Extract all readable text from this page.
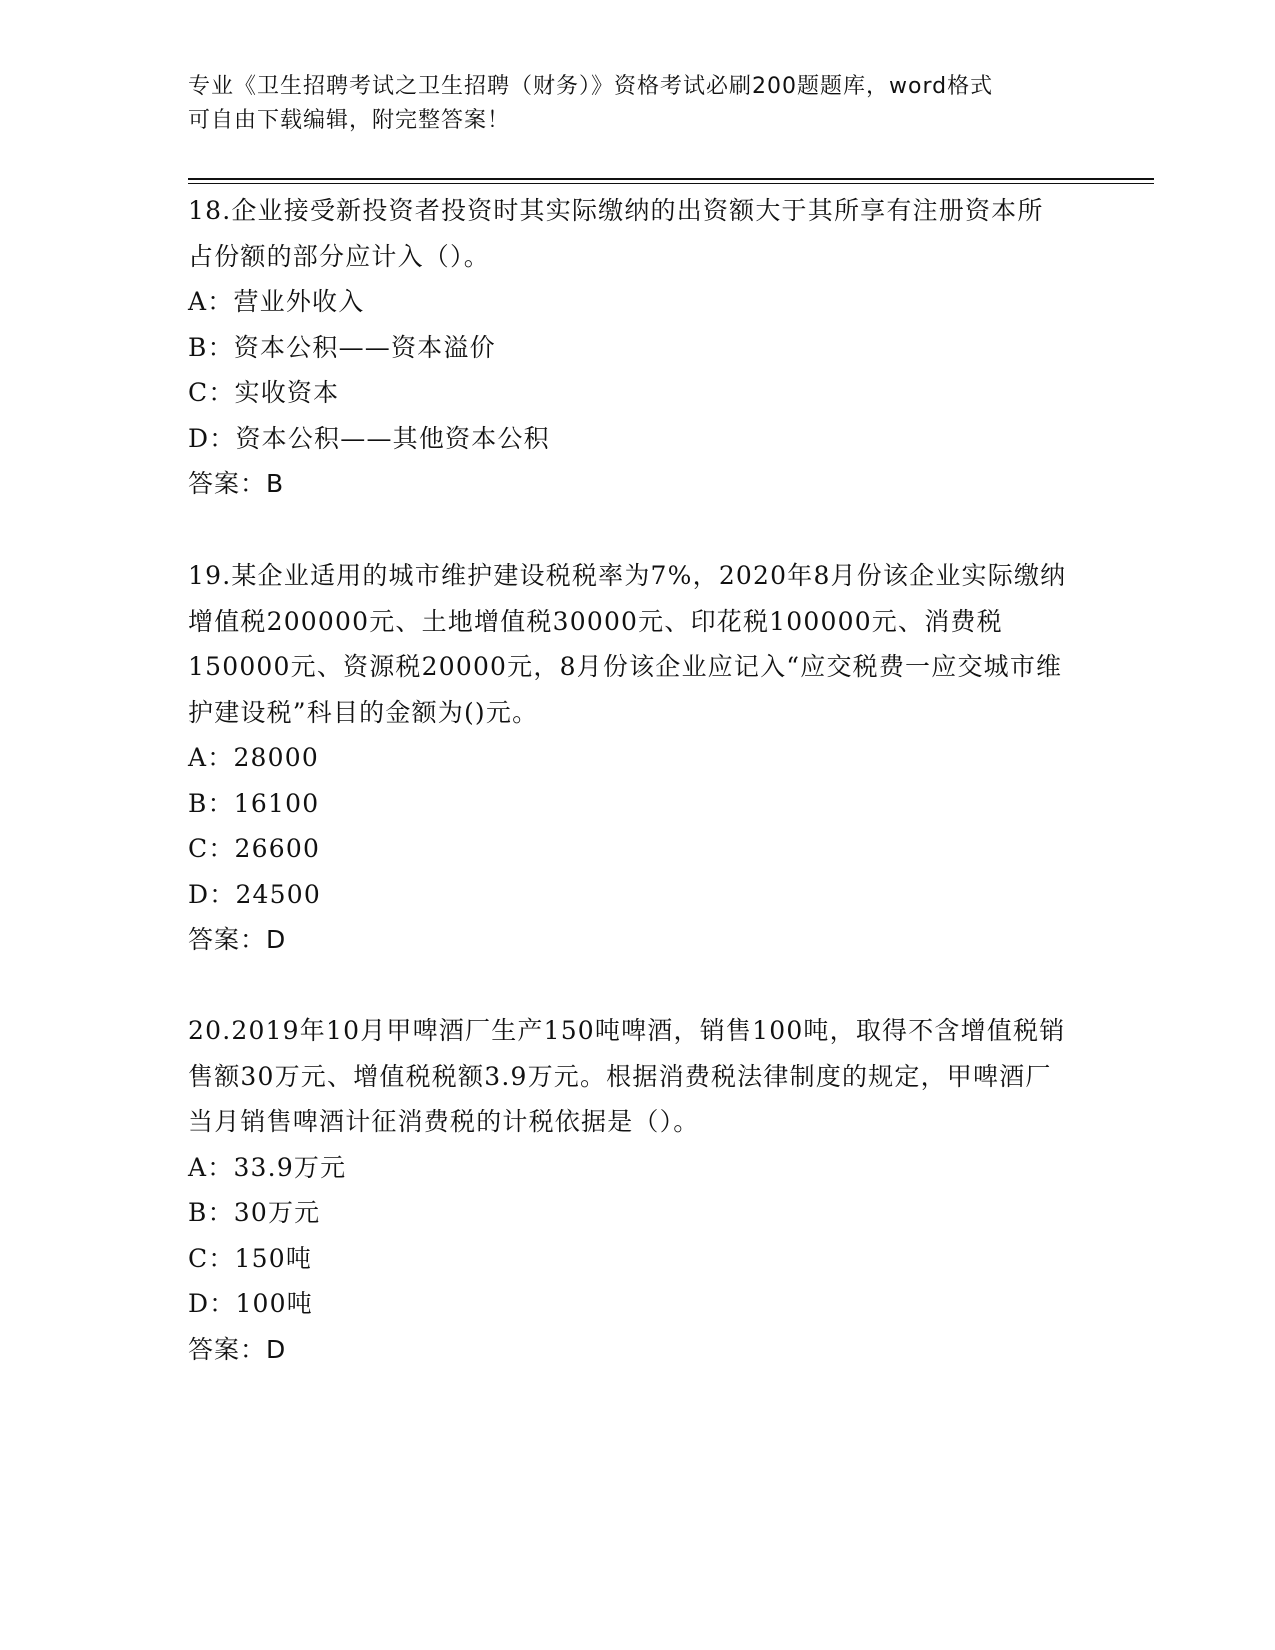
专业《卫生招聘考试之卫生招聘（财务）》资格考试必刷200题题库，word格式
可自由下载编辑，附完整答案！

18.企业接受新投资者投资时其实际缴纳的出资额大于其所享有注册资本所占份额的部分应计入（）。

A：营业外收入

B：资本公积——资本溢价

C：实收资本

D：资本公积——其他资本公积

答案：B

19.某企业适用的城市维护建设税税率为7%，2020年8月份该企业实际缴纳增值税200000元、土地增值税30000元、印花税100000元、消费税150000元、资源税20000元，8月份该企业应记入“应交税费一应交城市维护建设税”科目的金额为()元。

A：28000

B：16100

C：26600

D：24500

答案：D

20.2019年10月甲啤酒厂生产150吨啤酒，销售100吨，取得不含增值税销售额30万元、增值税税额3.9万元。根据消费税法律制度的规定，甲啤酒厂当月销售啤酒计征消费税的计税依据是（）。

A：33.9万元

B：30万元

C：150吨

D：100吨

答案：D
